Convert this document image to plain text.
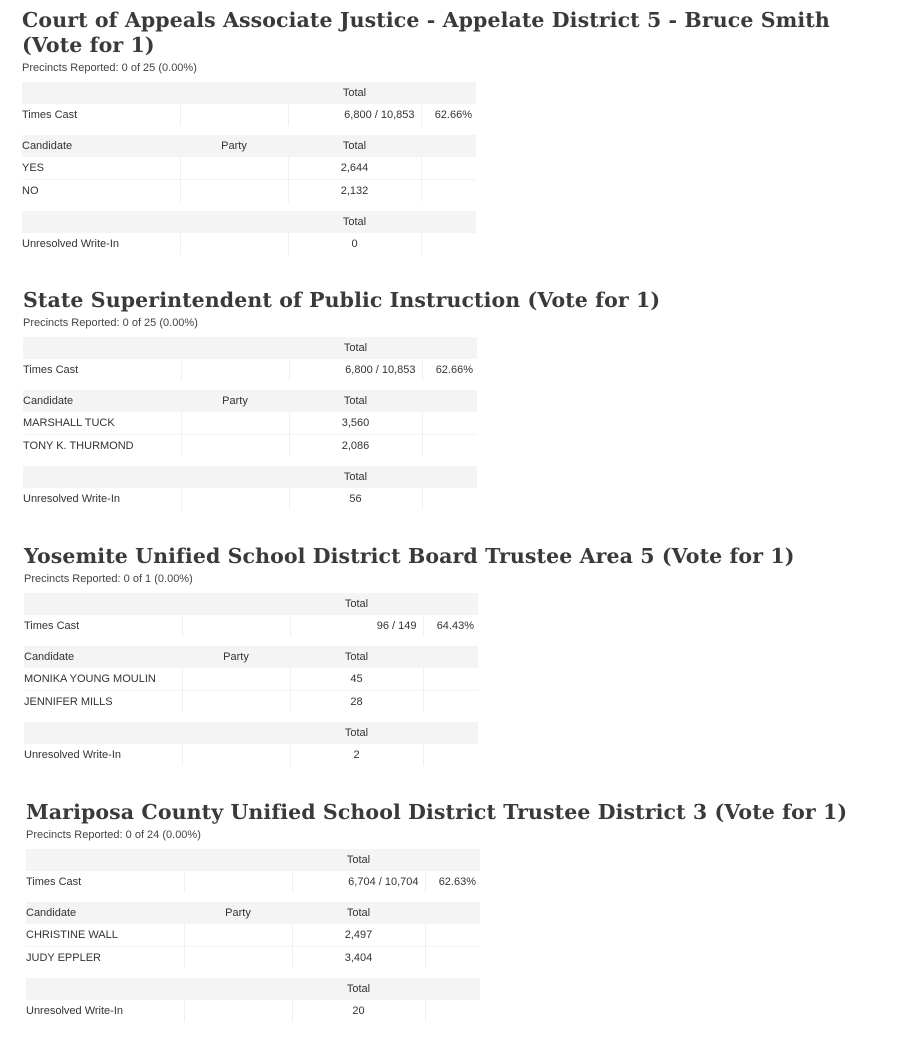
Court of Appeals Associate Justice - Appelate District 5 - Bruce Smith (Vote for 1)
Precincts Reported: 0 of 25 (0.00%)
		Total	
Times Cast		6,800 / 10,853	62.66%
Candidate	Party	Total	
YES		2,644	
NO		2,132	
		Total	
Unresolved Write-In		0	
State Superintendent of Public Instruction (Vote for 1)
Precincts Reported: 0 of 25 (0.00%)
		Total	
Times Cast		6,800 / 10,853	62.66%
Candidate	Party	Total	
MARSHALL TUCK		3,560	
TONY K. THURMOND		2,086	
		Total	
Unresolved Write-In		56	
Yosemite Unified School District Board Trustee Area 5 (Vote for 1)
Precincts Reported: 0 of 1 (0.00%)
		Total	
Times Cast		96 / 149	64.43%
Candidate	Party	Total	
MONIKA YOUNG MOULIN		45	
JENNIFER MILLS		28	
		Total	
Unresolved Write-In		2	
Mariposa County Unified School District Trustee District 3 (Vote for 1)
Precincts Reported: 0 of 24 (0.00%)
		Total	
Times Cast		6,704 / 10,704	62.63%
Candidate	Party	Total	
CHRISTINE WALL		2,497	
JUDY EPPLER		3,404	
		Total	
Unresolved Write-In		20	
